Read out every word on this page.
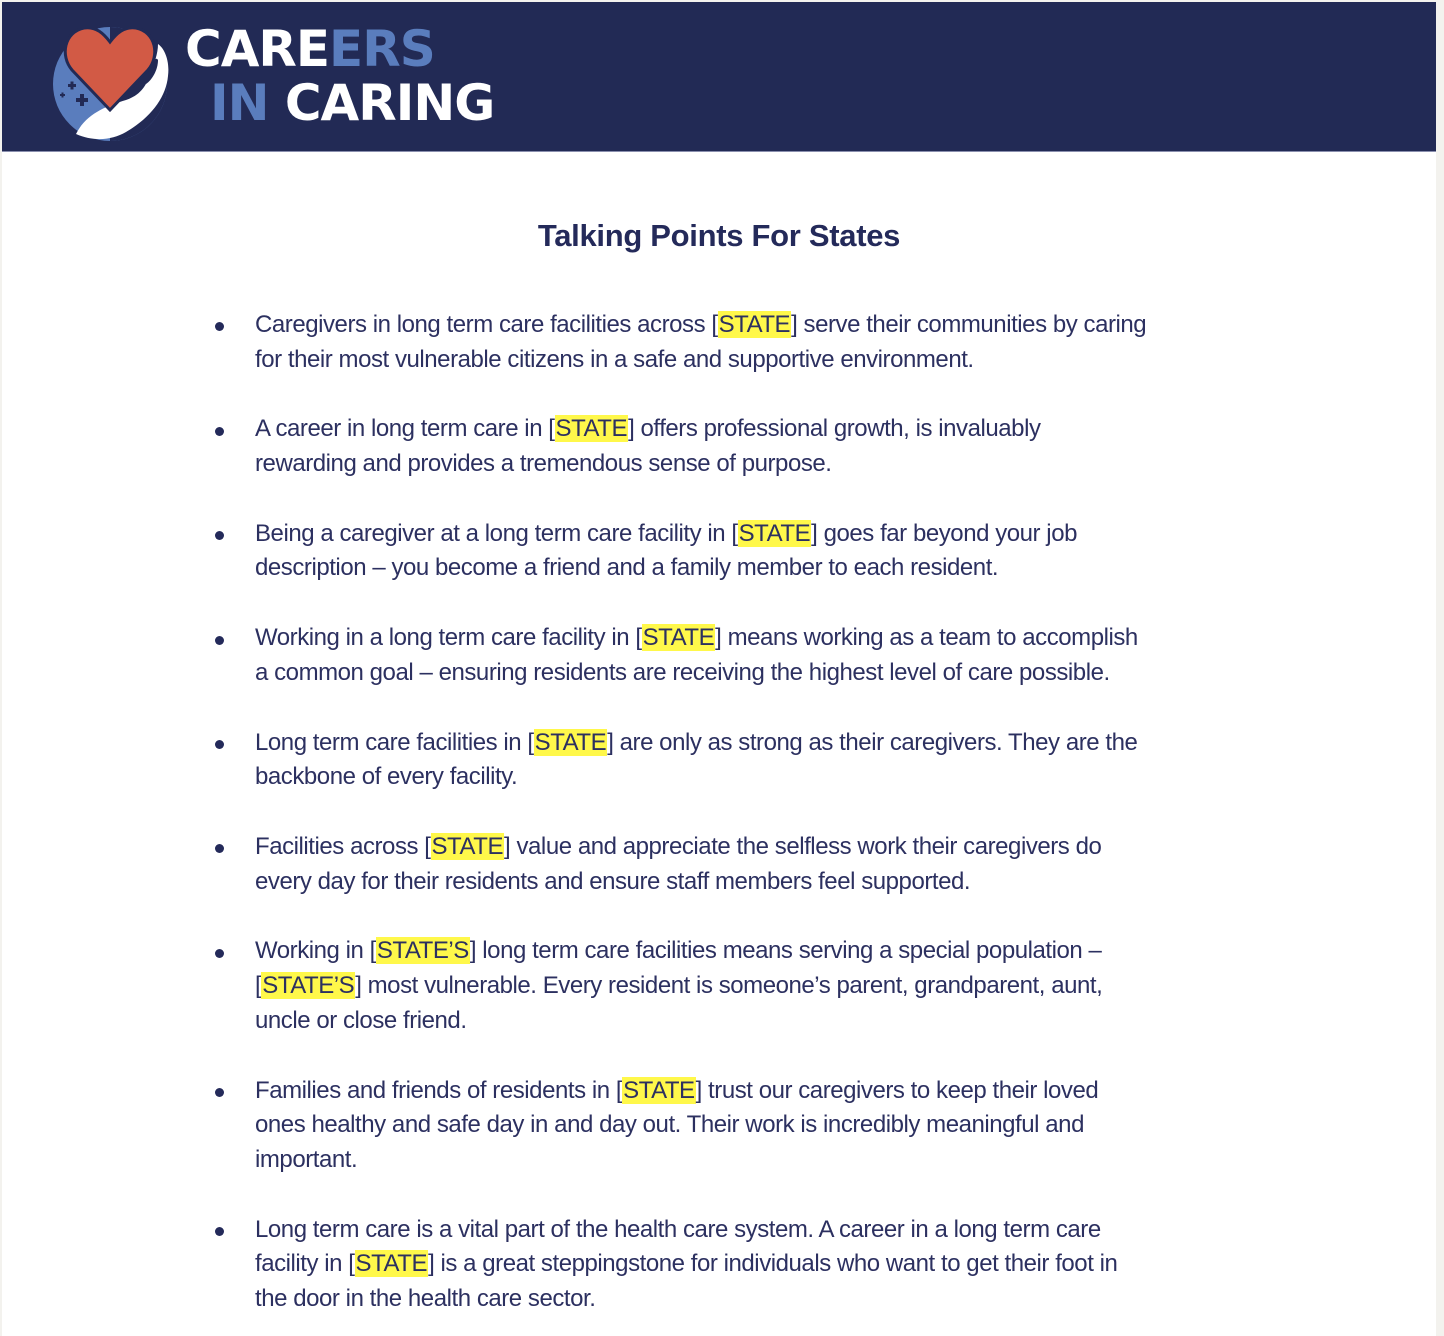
CAREERS
IN CARING
Talking Points For States
Caregivers in long term care facilities across [STATE] serve their communities by caring
for their most vulnerable citizens in a safe and supportive environment.
A career in long term care in [STATE] offers professional growth, is invaluably
rewarding and provides a tremendous sense of purpose.
Being a caregiver at a long term care facility in [STATE] goes far beyond your job
description – you become a friend and a family member to each resident.
Working in a long term care facility in [STATE] means working as a team to accomplish
a common goal – ensuring residents are receiving the highest level of care possible.
Long term care facilities in [STATE] are only as strong as their caregivers. They are the
backbone of every facility.
Facilities across [STATE] value and appreciate the selfless work their caregivers do
every day for their residents and ensure staff members feel supported.
Working in [STATE’S] long term care facilities means serving a special population –
[STATE’S] most vulnerable. Every resident is someone’s parent, grandparent, aunt,
uncle or close friend.
Families and friends of residents in [STATE] trust our caregivers to keep their loved
ones healthy and safe day in and day out. Their work is incredibly meaningful and
important.
Long term care is a vital part of the health care system. A career in a long term care
facility in [STATE] is a great steppingstone for individuals who want to get their foot in
the door in the health care sector.
